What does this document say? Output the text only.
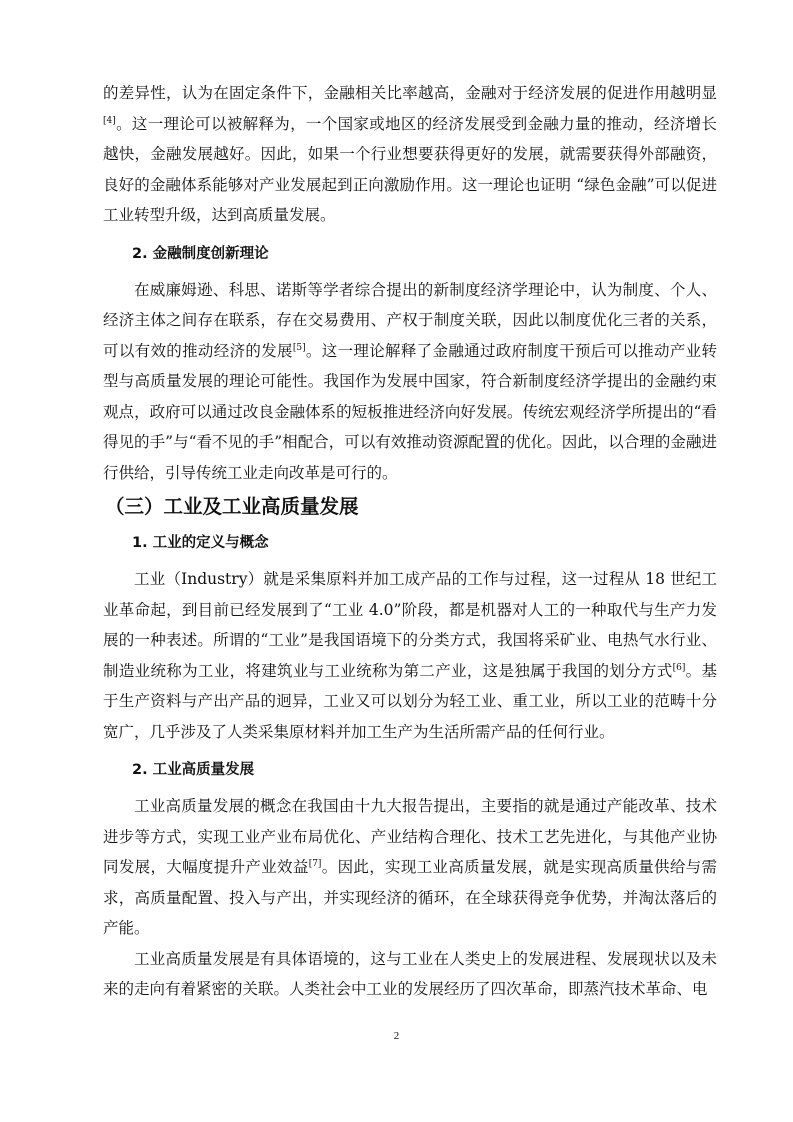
的差异性，认为在固定条件下，金融相关比率越高，金融对于经济发展的促进作用越明显[4]。这一理论可以被解释为，一个国家或地区的经济发展受到金融力量的推动，经济增长越快，金融发展越好。因此，如果一个行业想要获得更好的发展，就需要获得外部融资，良好的金融体系能够对产业发展起到正向激励作用。这一理论也证明 “绿色金融”可以促进工业转型升级，达到高质量发展。

2. 金融制度创新理论

在威廉姆逊、科思、诺斯等学者综合提出的新制度经济学理论中，认为制度、个人、经济主体之间存在联系，存在交易费用、产权于制度关联，因此以制度优化三者的关系，可以有效的推动经济的发展[5]。这一理论解释了金融通过政府制度干预后可以推动产业转型与高质量发展的理论可能性。我国作为发展中国家，符合新制度经济学提出的金融约束观点，政府可以通过改良金融体系的短板推进经济向好发展。传统宏观经济学所提出的“看得见的手”与“看不见的手”相配合，可以有效推动资源配置的优化。因此，以合理的金融进行供给，引导传统工业走向改革是可行的。

（三）工业及工业高质量发展
1. 工业的定义与概念

工业（Industry）就是采集原料并加工成产品的工作与过程，这一过程从 18 世纪工业革命起，到目前已经发展到了“工业 4.0”阶段，都是机器对人工的一种取代与生产力发展的一种表述。所谓的“工业”是我国语境下的分类方式，我国将采矿业、电热气水行业、制造业统称为工业，将建筑业与工业统称为第二产业，这是独属于我国的划分方式[6]。基于生产资料与产出产品的迥异，工业又可以划分为轻工业、重工业，所以工业的范畴十分宽广，几乎涉及了人类采集原材料并加工生产为生活所需产品的任何行业。

2. 工业高质量发展

工业高质量发展的概念在我国由十九大报告提出，主要指的就是通过产能改革、技术进步等方式，实现工业产业布局优化、产业结构合理化、技术工艺先进化，与其他产业协同发展，大幅度提升产业效益[7]。因此，实现工业高质量发展，就是实现高质量供给与需求，高质量配置、投入与产出，并实现经济的循环，在全球获得竞争优势，并淘汰落后的产能。

工业高质量发展是有具体语境的，这与工业在人类史上的发展进程、发展现状以及未来的走向有着紧密的关联。人类社会中工业的发展经历了四次革命，即蒸汽技术革命、电

2
